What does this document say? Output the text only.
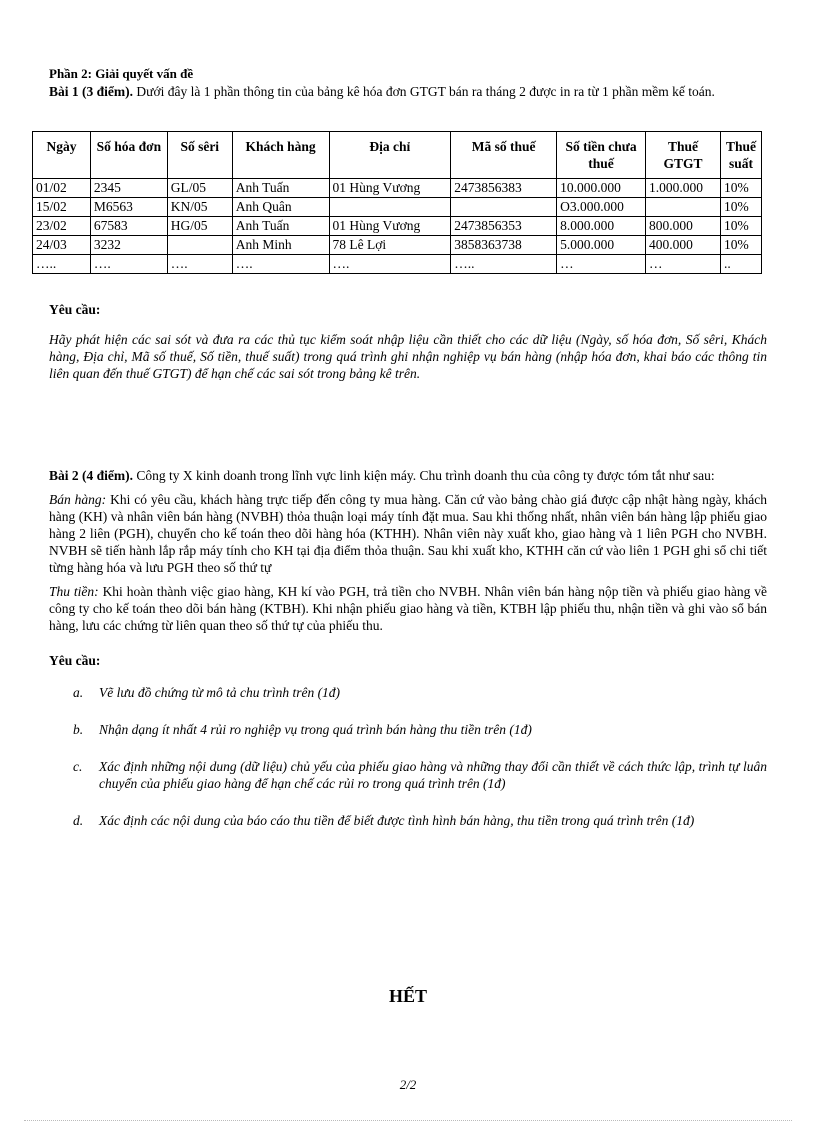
Phần 2: Giải quyết vấn đề

Bài 1 (3 điểm). Dưới đây là 1 phần thông tin của bảng kê hóa đơn GTGT bán ra tháng 2 được in ra từ 1 phần mềm kế toán.

Ngày	Số hóa đơn	Số sêri	Khách hàng	Địa chỉ	Mã số thuế	Số tiền chưa thuế	Thuế GTGT	Thuế suất
01/02	2345	GL/05	Anh Tuấn	01 Hùng Vương	2473856383	10.000.000	1.000.000	10%
15/02	M6563	KN/05	Anh Quân			O3.000.000		10%
23/02	67583	HG/05	Anh Tuấn	01 Hùng Vương	2473856353	8.000.000	800.000	10%
24/03	3232		Anh Minh	78 Lê Lợi	3858363738	5.000.000	400.000	10%
…..	….	….	….	….	…..	…	…	..

Yêu cầu:

Hãy phát hiện các sai sót và đưa ra các thủ tục kiểm soát nhập liệu cần thiết cho các dữ liệu (Ngày, số hóa đơn, Số sêri, Khách hàng, Địa chỉ, Mã số thuế, Số tiền, thuế suất) trong quá trình ghi nhận nghiệp vụ bán hàng (nhập hóa đơn, khai báo các thông tin liên quan đến thuế GTGT) để hạn chế các sai sót trong bảng kê trên.

Bài 2 (4 điểm). Công ty X kinh doanh trong lĩnh vực linh kiện máy. Chu trình doanh thu của công ty được tóm tắt như sau:

Bán hàng: Khi có yêu cầu, khách hàng trực tiếp đến công ty mua hàng. Căn cứ vào bảng chào giá được cập nhật hàng ngày, khách hàng (KH) và nhân viên bán hàng (NVBH) thỏa thuận loại máy tính đặt mua. Sau khi thống nhất, nhân viên bán hàng lập phiếu giao hàng 2 liên (PGH), chuyển cho kế toán theo dõi hàng hóa (KTHH). Nhân viên này xuất kho, giao hàng và 1 liên PGH cho NVBH. NVBH sẽ tiến hành lắp rắp máy tính cho KH tại địa điểm thỏa thuận. Sau khi xuất kho, KTHH căn cứ vào liên 1 PGH ghi sổ chi tiết từng hàng hóa và lưu PGH theo số thứ tự

Thu tiền: Khi hoàn thành việc giao hàng, KH kí vào PGH, trả tiền cho NVBH. Nhân viên bán hàng nộp tiền và phiếu giao hàng về công ty cho kế toán theo dõi bán hàng (KTBH). Khi nhận phiếu giao hàng và tiền, KTBH lập phiếu thu, nhận tiền và ghi vào sổ bán hàng, lưu các chứng từ liên quan theo số thứ tự của phiếu thu.

Yêu cầu:

a. Vẽ lưu đồ chứng từ mô tả chu trình trên (1đ)
b. Nhận dạng ít nhất 4 rủi ro nghiệp vụ trong quá trình bán hàng thu tiền trên (1đ)
c. Xác định những nội dung (dữ liệu) chủ yếu của phiếu giao hàng và những thay đổi cần thiết về cách thức lập, trình tự luân chuyển của phiếu giao hàng để hạn chế các rủi ro trong quá trình trên (1đ)
d. Xác định các nội dung của báo cáo thu tiền để biết được tình hình bán hàng, thu tiền trong quá trình trên (1đ)
HẾT
2/2
